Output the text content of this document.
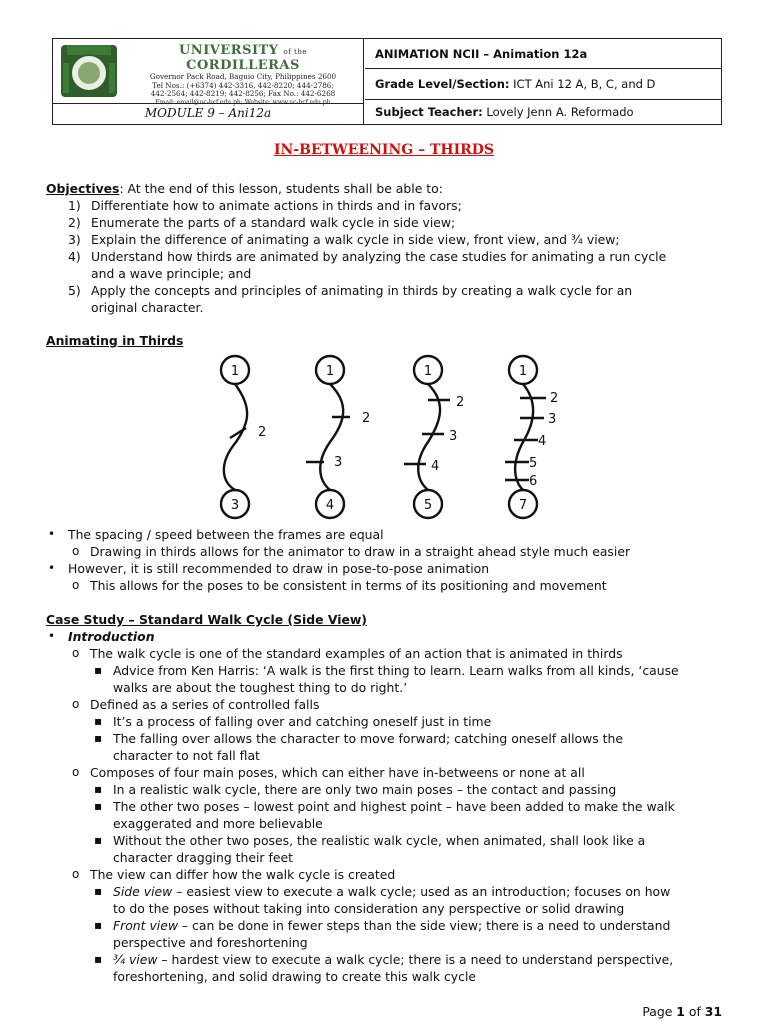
UNIVERSITY of the CORDILLERAS
Governor Pack Road, Baguio City, Philippines 2600
Tel Nos.: (+6374) 442-3316, 442-8220; 444-2786;
442-2564; 442-8219; 442-8256; Fax No.: 442-6268
Email: email@uc-bcf.edu.ph; Website: www.uc-bcf.edu.ph
MODULE 9 – Ani12a
ANIMATION NCII – Animation 12a
Grade Level/Section: ICT Ani 12 A, B, C, and D
Subject Teacher: Lovely Jenn A. Reformado
IN-BETWEENING – THIRDS
Objectives: At the end of this lesson, students shall be able to:
1) Differentiate how to animate actions in thirds and in favors;
2) Enumerate the parts of a standard walk cycle in side view;
3) Explain the difference of animating a walk cycle in side view, front view, and ¾ view;
4) Understand how thirds are animated by analyzing the case studies for animating a run cycle
and a wave principle; and
5) Apply the concepts and principles of animating in thirds by creating a walk cycle for an
original character.
Animating in Thirds
1
2
3
1
2
3
4
1
2
3
4
5
1
2
3
4
5
6
7
• The spacing / speed between the frames are equal
o Drawing in thirds allows for the animator to draw in a straight ahead style much easier
• However, it is still recommended to draw in pose-to-pose animation
o This allows for the poses to be consistent in terms of its positioning and movement
Case Study – Standard Walk Cycle (Side View)
• Introduction
o The walk cycle is one of the standard examples of an action that is animated in thirds
▪ Advice from Ken Harris: ‘A walk is the first thing to learn. Learn walks from all kinds, ‘cause
walks are about the toughest thing to do right.’
o Defined as a series of controlled falls
▪ It’s a process of falling over and catching oneself just in time
▪ The falling over allows the character to move forward; catching oneself allows the
character to not fall flat
o Composes of four main poses, which can either have in-betweens or none at all
▪ In a realistic walk cycle, there are only two main poses – the contact and passing
▪ The other two poses – lowest point and highest point – have been added to make the walk
exaggerated and more believable
▪ Without the other two poses, the realistic walk cycle, when animated, shall look like a
character dragging their feet
o The view can differ how the walk cycle is created
▪ Side view – easiest view to execute a walk cycle; used as an introduction; focuses on how
to do the poses without taking into consideration any perspective or solid drawing
▪ Front view – can be done in fewer steps than the side view; there is a need to understand
perspective and foreshortening
▪ ¾ view – hardest view to execute a walk cycle; there is a need to understand perspective,
foreshortening, and solid drawing to create this walk cycle
Page 1 of 31
